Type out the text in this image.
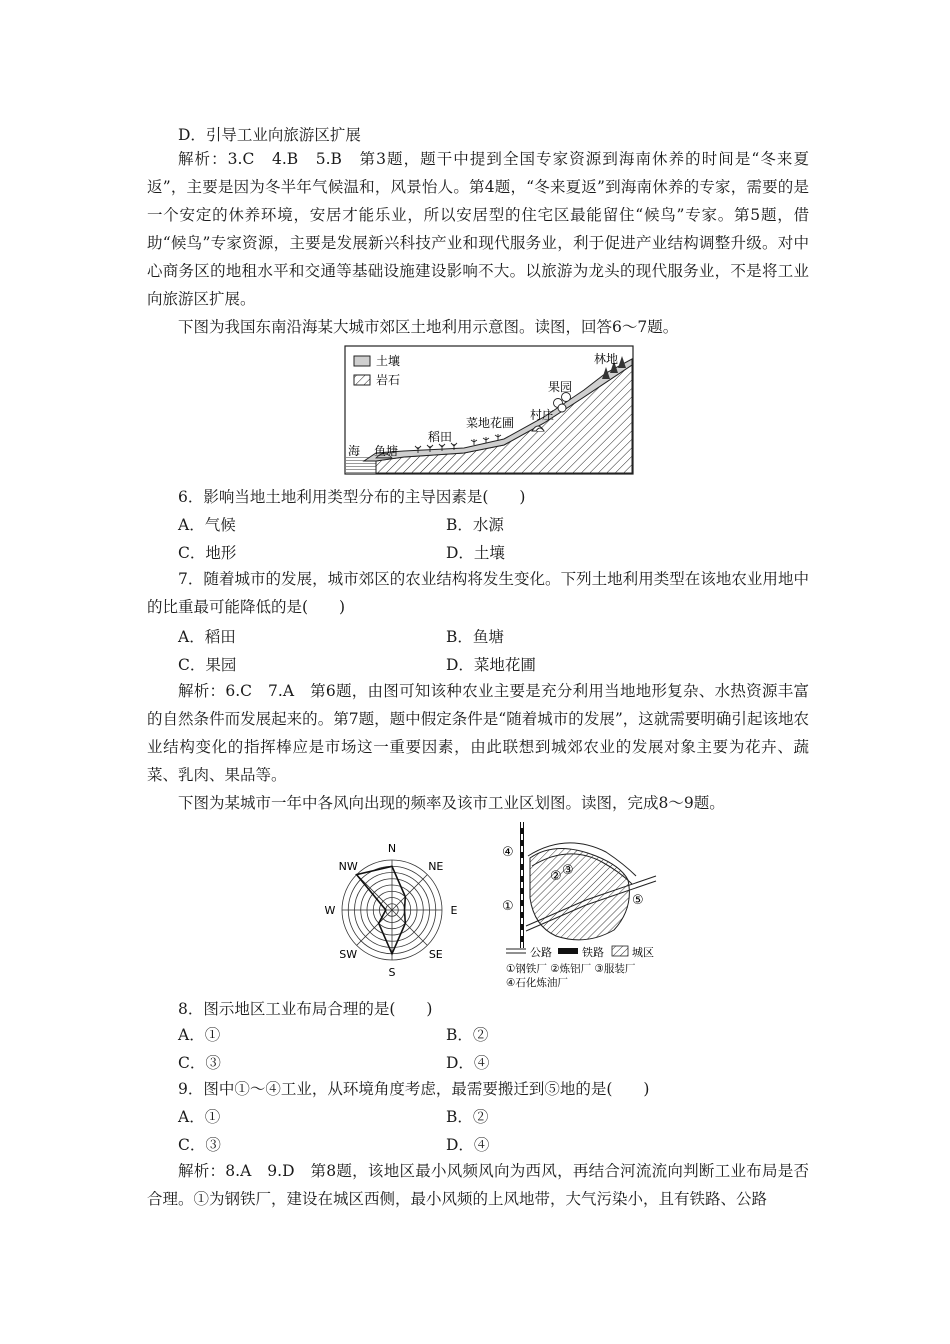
D．引导工业向旅游区扩展

解析：3.C　4.B　5.B　第3题，题干中提到全国专家资源到海南休养的时间是“冬来夏返”，主要是因为冬半年气候温和，风景怡人。第4题，“冬来夏返”到海南休养的专家，需要的是一个安定的休养环境，安居才能乐业，所以安居型的住宅区最能留住“候鸟”专家。第5题，借助“候鸟”专家资源，主要是发展新兴科技产业和现代服务业，利于促进产业结构调整升级。对中心商务区的地租水平和交通等基础设施建设影响不大。以旅游为龙头的现代服务业，不是将工业向旅游区扩展。

下图为我国东南沿海某大城市郊区土地利用示意图。读图，回答6～7题。

土壤
岩石
海 鱼塘
稻田
菜地花圃
村庄
果园
林地
6．影响当地土地利用类型分布的主导因素是(　　)
A．气候	B．水源
C．地形	D．土壤

7．随着城市的发展，城市郊区的农业结构将发生变化。下列土地利用类型在该地农业用地中的比重最可能降低的是(　　)

A．稻田	B．鱼塘
C．果园	D．菜地花圃

解析：6.C　7.A　第6题，由图可知该种农业主要是充分利用当地地形复杂、水热资源丰富的自然条件而发展起来的。第7题，题中假定条件是“随着城市的发展”，这就需要明确引起该地农业结构变化的指挥棒应是市场这一重要因素，由此联想到城郊农业的发展对象主要为花卉、蔬菜、乳肉、果品等。

下图为某城市一年中各风向出现的频率及该市工业区划图。读图，完成8～9题。

N
NE
E
SE
S
SW
W
NW
④
② ③
①	⑤
公路	铁路	城区
①钢铁厂 ②炼铝厂 ③服装厂
④石化炼油厂
8．图示地区工业布局合理的是(　　)
A．①	B．②
C．③	D．④
9．图中①～④工业，从环境角度考虑，最需要搬迁到⑤地的是(　　)
A．①	B．②
C．③	D．④

解析：8.A　9.D　第8题，该地区最小风频风向为西风，再结合河流流向判断工业布局是否合理。①为钢铁厂，建设在城区西侧，最小风频的上风地带，大气污染小，且有铁路、公路
